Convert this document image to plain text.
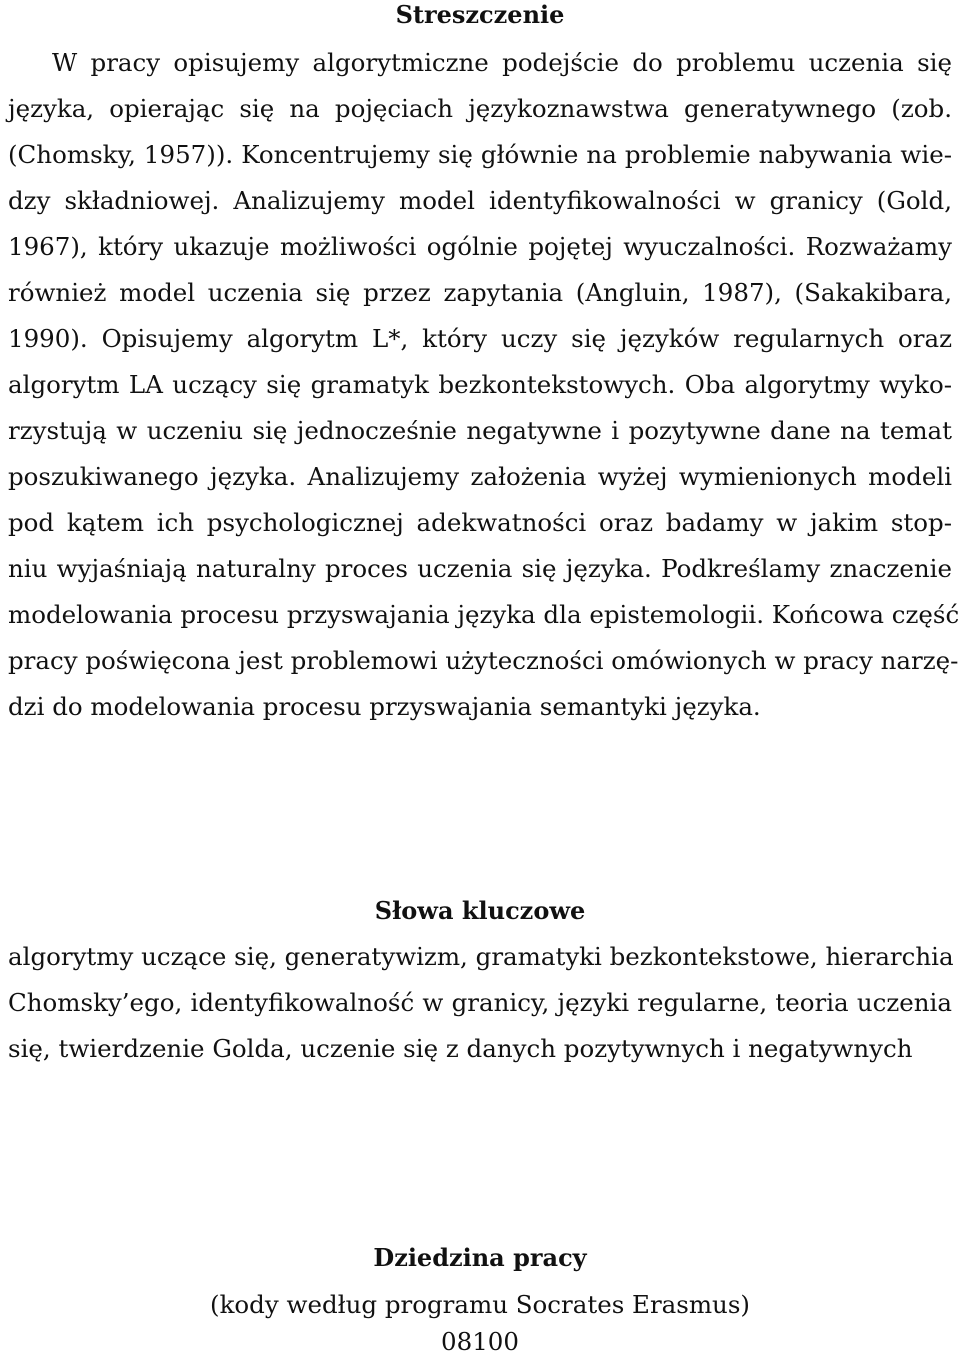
Streszczenie

W pracy opisujemy algorytmiczne podejście do problemu uczenia się

języka, opierając się na pojęciach językoznawstwa generatywnego (zob.

(Chomsky, 1957)). Koncentrujemy się głównie na problemie nabywania wie-

dzy składniowej. Analizujemy model identyfikowalności w granicy (Gold,

1967), który ukazuje możliwości ogólnie pojętej wyuczalności. Rozważamy

również model uczenia się przez zapytania (Angluin, 1987), (Sakakibara,

1990). Opisujemy algorytm L*, który uczy się języków regularnych oraz

algorytm LA uczący się gramatyk bezkontekstowych. Oba algorytmy wyko-

rzystują w uczeniu się jednocześnie negatywne i pozytywne dane na temat

poszukiwanego języka. Analizujemy założenia wyżej wymienionych modeli

pod kątem ich psychologicznej adekwatności oraz badamy w jakim stop-

niu wyjaśniają naturalny proces uczenia się języka. Podkreślamy znaczenie

modelowania procesu przyswajania języka dla epistemologii. Końcowa część

pracy poświęcona jest problemowi użyteczności omówionych w pracy narzę-

dzi do modelowania procesu przyswajania semantyki języka.

Słowa kluczowe

algorytmy uczące się, generatywizm, gramatyki bezkontekstowe, hierarchia

Chomsky’ego, identyfikowalność w granicy, języki regularne, teoria uczenia

się, twierdzenie Golda, uczenie się z danych pozytywnych i negatywnych

Dziedzina pracy

(kody według programu Socrates Erasmus)

08100
